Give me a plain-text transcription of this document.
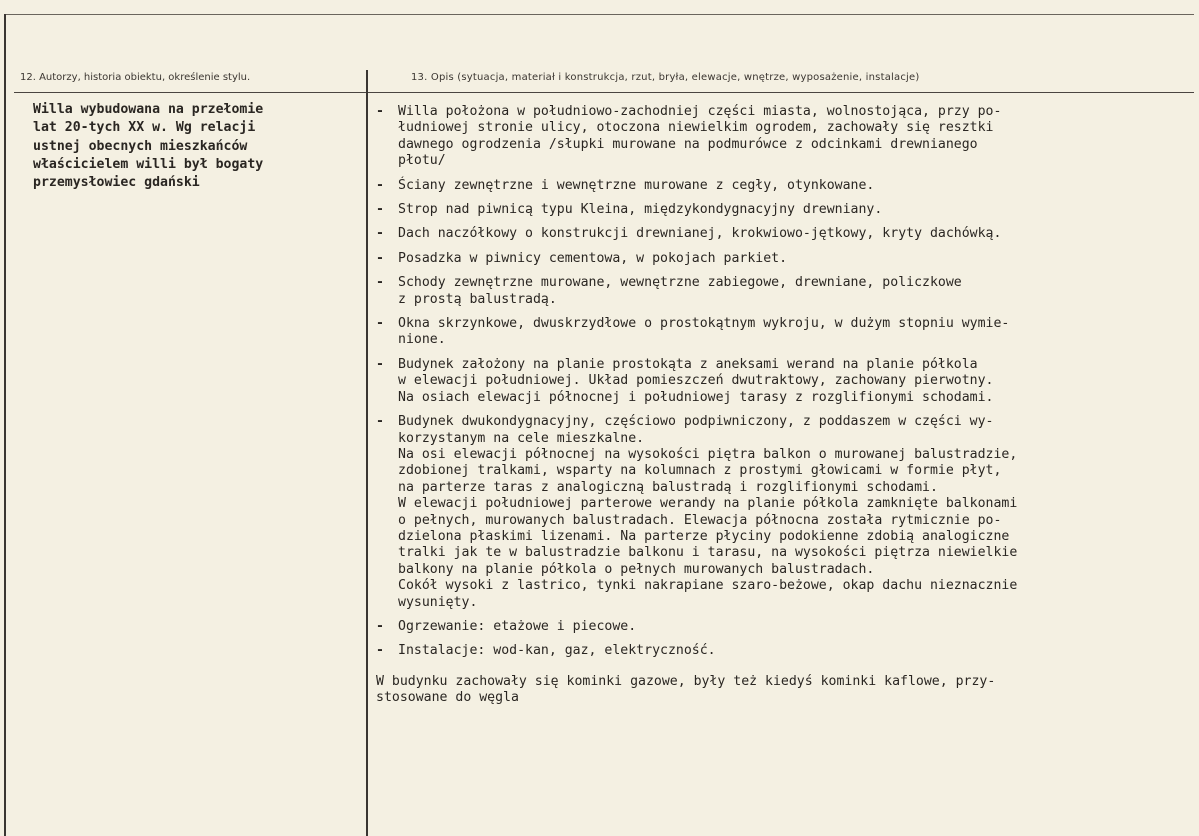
12. Autorzy, historia obiektu, określenie stylu.	13. Opis (sytuacja, materiał i konstrukcja, rzut, bryła, elewacje, wnętrze, wyposażenie, instalacje)
Willa wybudowana na przełomie
lat 20-tych XX w. Wg relacji
ustnej obecnych mieszkańców
właścicielem willi był bogaty
przemysłowiec gdański
- Willa położona w południowo-zachodniej części miasta, wolnostojąca, przy po-
łudniowej stronie ulicy, otoczona niewielkim ogrodem, zachowały się resztki
dawnego ogrodzenia /słupki murowane na podmurówce z odcinkami drewnianego
płotu/
- Ściany zewnętrzne i wewnętrzne murowane z cegły, otynkowane.
- Strop nad piwnicą typu Kleina, międzykondygnacyjny drewniany.
- Dach naczółkowy o konstrukcji drewnianej, krokwiowo-jętkowy, kryty dachówką.
- Posadzka w piwnicy cementowa, w pokojach parkiet.
- Schody zewnętrzne murowane, wewnętrzne zabiegowe, drewniane, policzkowe
z prostą balustradą.
- Okna skrzynkowe, dwuskrzydłowe o prostokątnym wykroju, w dużym stopniu wymie-
nione.
- Budynek założony na planie prostokąta z aneksami werand na planie półkola
w elewacji południowej. Układ pomieszczeń dwutraktowy, zachowany pierwotny.
Na osiach elewacji północnej i południowej tarasy z rozglifionymi schodami.
- Budynek dwukondygnacyjny, częściowo podpiwniczony, z poddaszem w części wy-
korzystanym na cele mieszkalne.
Na osi elewacji północnej na wysokości piętra balkon o murowanej balustradzie,
zdobionej tralkami, wsparty na kolumnach z prostymi głowicami w formie płyt,
na parterze taras z analogiczną balustradą i rozglifionymi schodami.
W elewacji południowej parterowe werandy na planie półkola zamknięte balkonami
o pełnych, murowanych balustradach. Elewacja północna została rytmicznie po-
dzielona płaskimi lizenami. Na parterze płyciny podokienne zdobią analogiczne
tralki jak te w balustradzie balkonu i tarasu, na wysokości piętrza niewielkie
balkony na planie półkola o pełnych murowanych balustradach.
Cokół wysoki z lastrico, tynki nakrapiane szaro-beżowe, okap dachu nieznacznie
wysunięty.
- Ogrzewanie: etażowe i piecowe.
- Instalacje: wod-kan, gaz, elektryczność.
W budynku zachowały się kominki gazowe, były też kiedyś kominki kaflowe, przy-
stosowane do węgla
